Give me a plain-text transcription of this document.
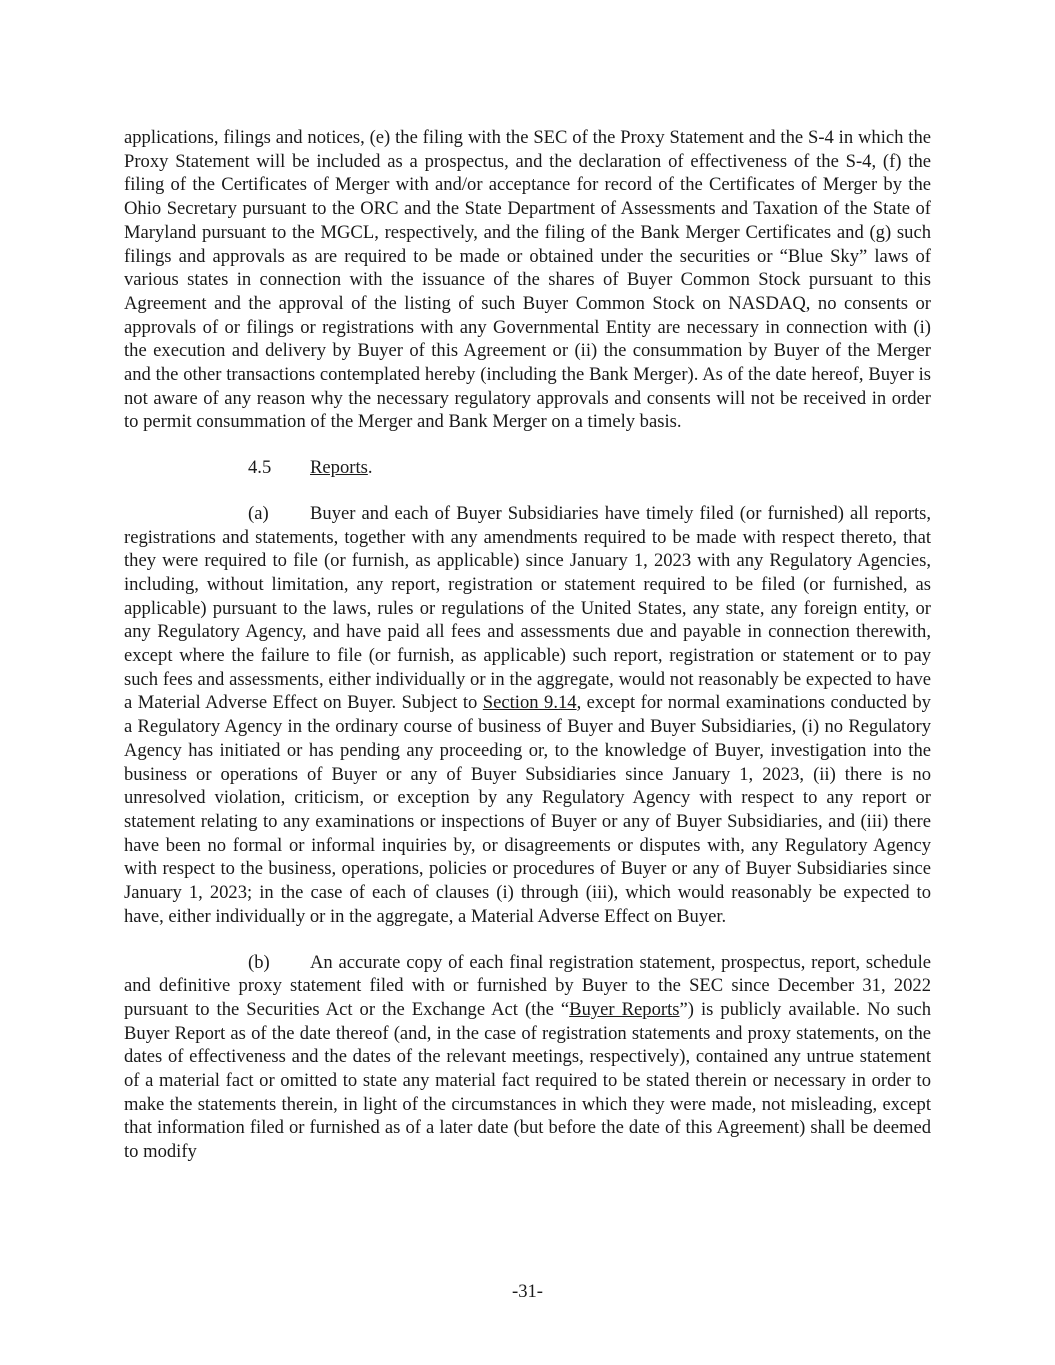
applications, filings and notices, (e) the filing with the SEC of the Proxy Statement and the S-4 in which the Proxy Statement will be included as a prospectus, and the declaration of effectiveness of the S-4, (f) the filing of the Certificates of Merger with and/or acceptance for record of the Certificates of Merger by the Ohio Secretary pursuant to the ORC and the State Department of Assessments and Taxation of the State of Maryland pursuant to the MGCL, respectively, and the filing of the Bank Merger Certificates and (g) such filings and approvals as are required to be made or obtained under the securities or “Blue Sky” laws of various states in connection with the issuance of the shares of Buyer Common Stock pursuant to this Agreement and the approval of the listing of such Buyer Common Stock on NASDAQ, no consents or approvals of or filings or registrations with any Governmental Entity are necessary in connection with (i) the execution and delivery by Buyer of this Agreement or (ii) the consummation by Buyer of the Merger and the other transactions contemplated hereby (including the Bank Merger). As of the date hereof, Buyer is not aware of any reason why the necessary regulatory approvals and consents will not be received in order to permit consummation of the Merger and Bank Merger on a timely basis.

4.5 Reports.

(a) Buyer and each of Buyer Subsidiaries have timely filed (or furnished) all reports, registrations and statements, together with any amendments required to be made with respect thereto, that they were required to file (or furnish, as applicable) since January 1, 2023 with any Regulatory Agencies, including, without limitation, any report, registration or statement required to be filed (or furnished, as applicable) pursuant to the laws, rules or regulations of the United States, any state, any foreign entity, or any Regulatory Agency, and have paid all fees and assessments due and payable in connection therewith, except where the failure to file (or furnish, as applicable) such report, registration or statement or to pay such fees and assessments, either individually or in the aggregate, would not reasonably be expected to have a Material Adverse Effect on Buyer. Subject to Section 9.14, except for normal examinations conducted by a Regulatory Agency in the ordinary course of business of Buyer and Buyer Subsidiaries, (i) no Regulatory Agency has initiated or has pending any proceeding or, to the knowledge of Buyer, investigation into the business or operations of Buyer or any of Buyer Subsidiaries since January 1, 2023, (ii) there is no unresolved violation, criticism, or exception by any Regulatory Agency with respect to any report or statement relating to any examinations or inspections of Buyer or any of Buyer Subsidiaries, and (iii) there have been no formal or informal inquiries by, or disagreements or disputes with, any Regulatory Agency with respect to the business, operations, policies or procedures of Buyer or any of Buyer Subsidiaries since January 1, 2023; in the case of each of clauses (i) through (iii), which would reasonably be expected to have, either individually or in the aggregate, a Material Adverse Effect on Buyer.

(b) An accurate copy of each final registration statement, prospectus, report, schedule and definitive proxy statement filed with or furnished by Buyer to the SEC since December 31, 2022 pursuant to the Securities Act or the Exchange Act (the “Buyer Reports”) is publicly available. No such Buyer Report as of the date thereof (and, in the case of registration statements and proxy statements, on the dates of effectiveness and the dates of the relevant meetings, respectively), contained any untrue statement of a material fact or omitted to state any material fact required to be stated therein or necessary in order to make the statements therein, in light of the circumstances in which they were made, not misleading, except that information filed or furnished as of a later date (but before the date of this Agreement) shall be deemed to modify

-31-
